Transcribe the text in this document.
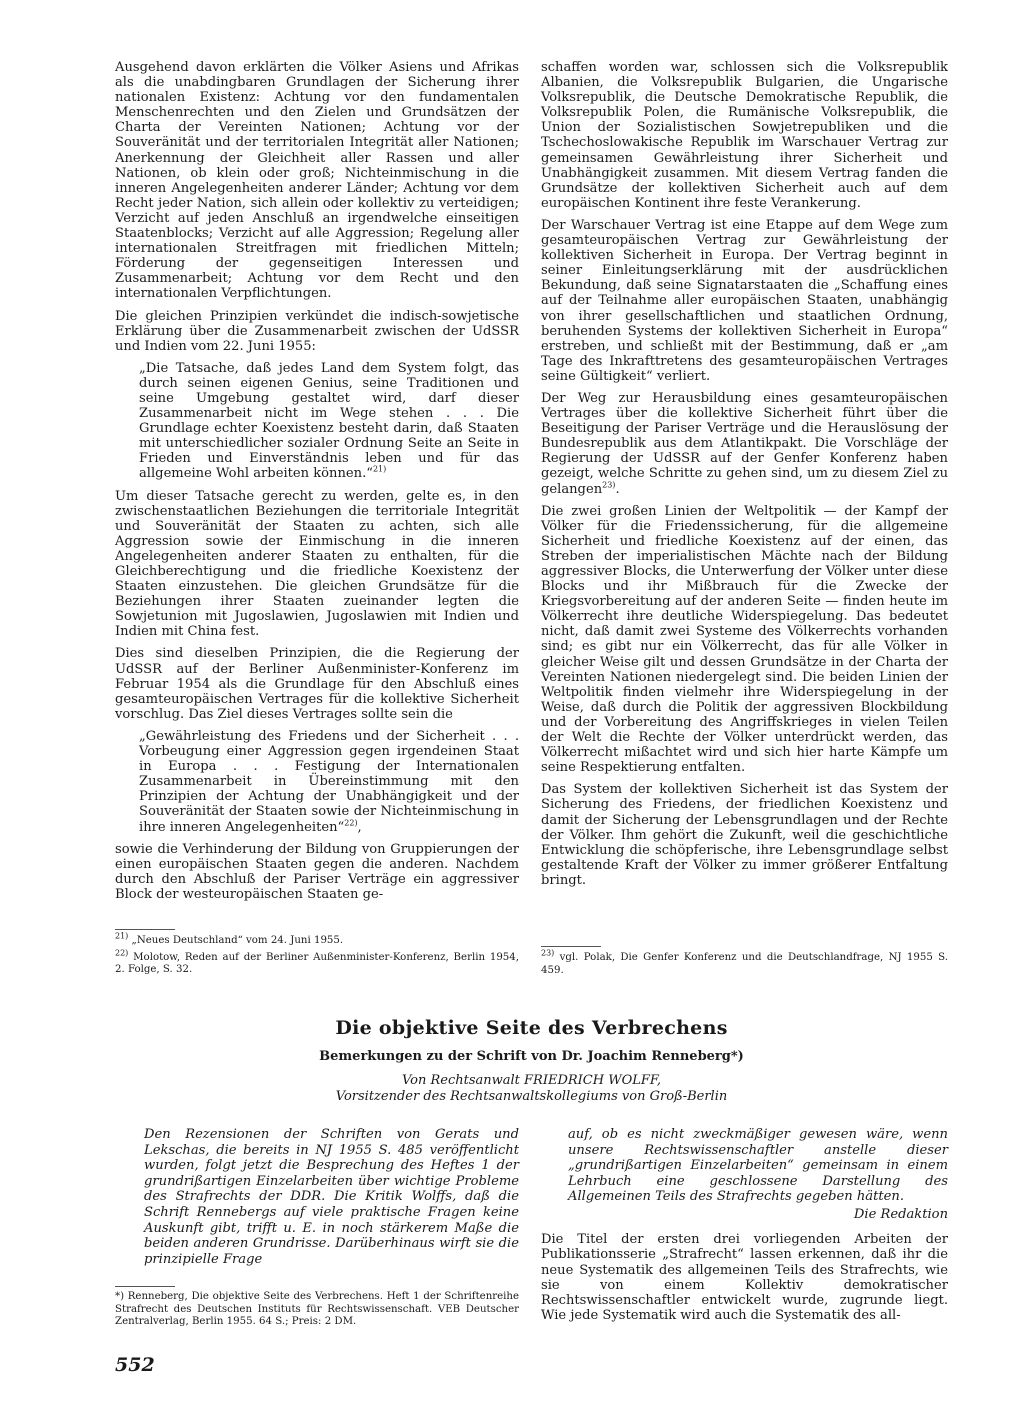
Ausgehend davon erklärten die Völker Asiens und Afrikas als die unabdingbaren Grundlagen der Sicherung ihrer nationalen Existenz: Achtung vor den fundamentalen Menschenrechten und den Zielen und Grundsätzen der Charta der Vereinten Nationen; Achtung vor der Souveränität und der territorialen Integrität aller Nationen; Anerkennung der Gleichheit aller Rassen und aller Nationen, ob klein oder groß; Nichteinmischung in die inneren Angelegenheiten anderer Länder; Achtung vor dem Recht jeder Nation, sich allein oder kollektiv zu verteidigen; Verzicht auf jeden Anschluß an irgendwelche einseitigen Staatenblocks; Verzicht auf alle Aggression; Regelung aller internationalen Streitfragen mit friedlichen Mitteln; Förderung der gegenseitigen Interessen und Zusammenarbeit; Achtung vor dem Recht und den internationalen Verpflichtungen.

Die gleichen Prinzipien verkündet die indisch-sowjetische Erklärung über die Zusammenarbeit zwischen der UdSSR und Indien vom 22. Juni 1955:

„Die Tatsache, daß jedes Land dem System folgt, das durch seinen eigenen Genius, seine Traditionen und seine Umgebung gestaltet wird, darf dieser Zusammenarbeit nicht im Wege stehen . . . Die Grundlage echter Koexistenz besteht darin, daß Staaten mit unterschiedlicher sozialer Ordnung Seite an Seite in Frieden und Einverständnis leben und für das allgemeine Wohl arbeiten können.“$^{21)}$

Um dieser Tatsache gerecht zu werden, gelte es, in den zwischenstaatlichen Beziehungen die territoriale Integrität und Souveränität der Staaten zu achten, sich alle Aggression sowie der Einmischung in die inneren Angelegenheiten anderer Staaten zu enthalten, für die Gleichberechtigung und die friedliche Koexistenz der Staaten einzustehen. Die gleichen Grundsätze für die Beziehungen ihrer Staaten zueinander legten die Sowjetunion mit Jugoslawien, Jugoslawien mit Indien und Indien mit China fest.

Dies sind dieselben Prinzipien, die die Regierung der UdSSR auf der Berliner Außenminister-Konferenz im Februar 1954 als die Grundlage für den Abschluß eines gesamteuropäischen Vertrages für die kollektive Sicherheit vorschlug. Das Ziel dieses Vertrages sollte sein die

„Gewährleistung des Friedens und der Sicherheit . . . Vorbeugung einer Aggression gegen irgendeinen Staat in Europa . . . Festigung der Internationalen Zusammenarbeit in Übereinstimmung mit den Prinzipien der Achtung der Unabhängigkeit und der Souveränität der Staaten sowie der Nichteinmischung in ihre inneren Angelegenheiten“$^{22)}$,

sowie die Verhinderung der Bildung von Gruppierungen der einen europäischen Staaten gegen die anderen. Nachdem durch den Abschluß der Pariser Verträge ein aggressiver Block der westeuropäischen Staaten ge-

schaffen worden war, schlossen sich die Volksrepublik Albanien, die Volksrepublik Bulgarien, die Ungarische Volksrepublik, die Deutsche Demokratische Republik, die Volksrepublik Polen, die Rumänische Volksrepublik, die Union der Sozialistischen Sowjetrepubliken und die Tschechoslowakische Republik im Warschauer Vertrag zur gemeinsamen Gewährleistung ihrer Sicherheit und Unabhängigkeit zusammen. Mit diesem Vertrag fanden die Grundsätze der kollektiven Sicherheit auch auf dem europäischen Kontinent ihre feste Verankerung.

Der Warschauer Vertrag ist eine Etappe auf dem Wege zum gesamteuropäischen Vertrag zur Gewährleistung der kollektiven Sicherheit in Europa. Der Vertrag beginnt in seiner Einleitungserklärung mit der ausdrücklichen Bekundung, daß seine Signatarstaaten die „Schaffung eines auf der Teilnahme aller europäischen Staaten, unabhängig von ihrer gesellschaftlichen und staatlichen Ordnung, beruhenden Systems der kollektiven Sicherheit in Europa“ erstreben, und schließt mit der Bestimmung, daß er „am Tage des Inkrafttretens des gesamteuropäischen Vertrages seine Gültigkeit“ verliert.

Der Weg zur Herausbildung eines gesamteuropäischen Vertrages über die kollektive Sicherheit führt über die Beseitigung der Pariser Verträge und die Herauslösung der Bundesrepublik aus dem Atlantikpakt. Die Vorschläge der Regierung der UdSSR auf der Genfer Konferenz haben gezeigt, welche Schritte zu gehen sind, um zu diesem Ziel zu gelangen$^{23)}$.

Die zwei großen Linien der Weltpolitik — der Kampf der Völker für die Friedenssicherung, für die allgemeine Sicherheit und friedliche Koexistenz auf der einen, das Streben der imperialistischen Mächte nach der Bildung aggressiver Blocks, die Unterwerfung der Völker unter diese Blocks und ihr Mißbrauch für die Zwecke der Kriegsvorbereitung auf der anderen Seite — finden heute im Völkerrecht ihre deutliche Widerspiegelung. Das bedeutet nicht, daß damit zwei Systeme des Völkerrechts vorhanden sind; es gibt nur ein Völkerrecht, das für alle Völker in gleicher Weise gilt und dessen Grundsätze in der Charta der Vereinten Nationen niedergelegt sind. Die beiden Linien der Weltpolitik finden vielmehr ihre Widerspiegelung in der Weise, daß durch die Politik der aggressiven Blockbildung und der Vorbereitung des Angriffskrieges in vielen Teilen der Welt die Rechte der Völker unterdrückt werden, das Völkerrecht mißachtet wird und sich hier harte Kämpfe um seine Respektierung entfalten.

Das System der kollektiven Sicherheit ist das System der Sicherung des Friedens, der friedlichen Koexistenz und damit der Sicherung der Lebensgrundlagen und der Rechte der Völker. Ihm gehört die Zukunft, weil die geschichtliche Entwicklung die schöpferische, ihre Lebensgrundlage selbst gestaltende Kraft der Völker zu immer größerer Entfaltung bringt.

$^{21)}$ „Neues Deutschland“ vom 24. Juni 1955.

$^{22)}$ Molotow, Reden auf der Berliner Außenminister-Konferenz, Berlin 1954, 2. Folge, S. 32.

$^{23)}$ vgl. Polak, Die Genfer Konferenz und die Deutschlandfrage, NJ 1955 S. 459.

Die objektive Seite des Verbrechens
Bemerkungen zu der Schrift von Dr. Joachim Renneberg*)
Von Rechtsanwalt FRIEDRICH WOLFF,
Vorsitzender des Rechtsanwaltskollegiums von Groß-Berlin
Den Rezensionen der Schriften von Gerats und Lekschas, die bereits in NJ 1955 S. 485 veröffentlicht wurden, folgt jetzt die Besprechung des Heftes 1 der grundrißartigen Einzelarbeiten über wichtige Probleme des Strafrechts der DDR. Die Kritik Wolffs, daß die Schrift Rennebergs auf viele praktische Fragen keine Auskunft gibt, trifft u. E. in noch stärkerem Maße die beiden anderen Grundrisse. Darüberhinaus wirft sie die prinzipielle Frage
auf, ob es nicht zweckmäßiger gewesen wäre, wenn unsere Rechtswissenschaftler anstelle dieser „grundrißartigen Einzelarbeiten“ gemeinsam in einem Lehrbuch eine geschlossene Darstellung des Allgemeinen Teils des Strafrechts gegeben hätten.
Die Redaktion
Die Titel der ersten drei vorliegenden Arbeiten der Publikationsserie „Strafrecht“ lassen erkennen, daß ihr die neue Systematik des allgemeinen Teils des Strafrechts, wie sie von einem Kollektiv demokratischer Rechtswissenschaftler entwickelt wurde, zugrunde liegt. Wie jede Systematik wird auch die Systematik des all-
*) Renneberg, Die objektive Seite des Verbrechens. Heft 1 der Schriftenreihe Strafrecht des Deutschen Instituts für Rechtswissenschaft. VEB Deutscher Zentralverlag, Berlin 1955. 64 S.; Preis: 2 DM.
552
